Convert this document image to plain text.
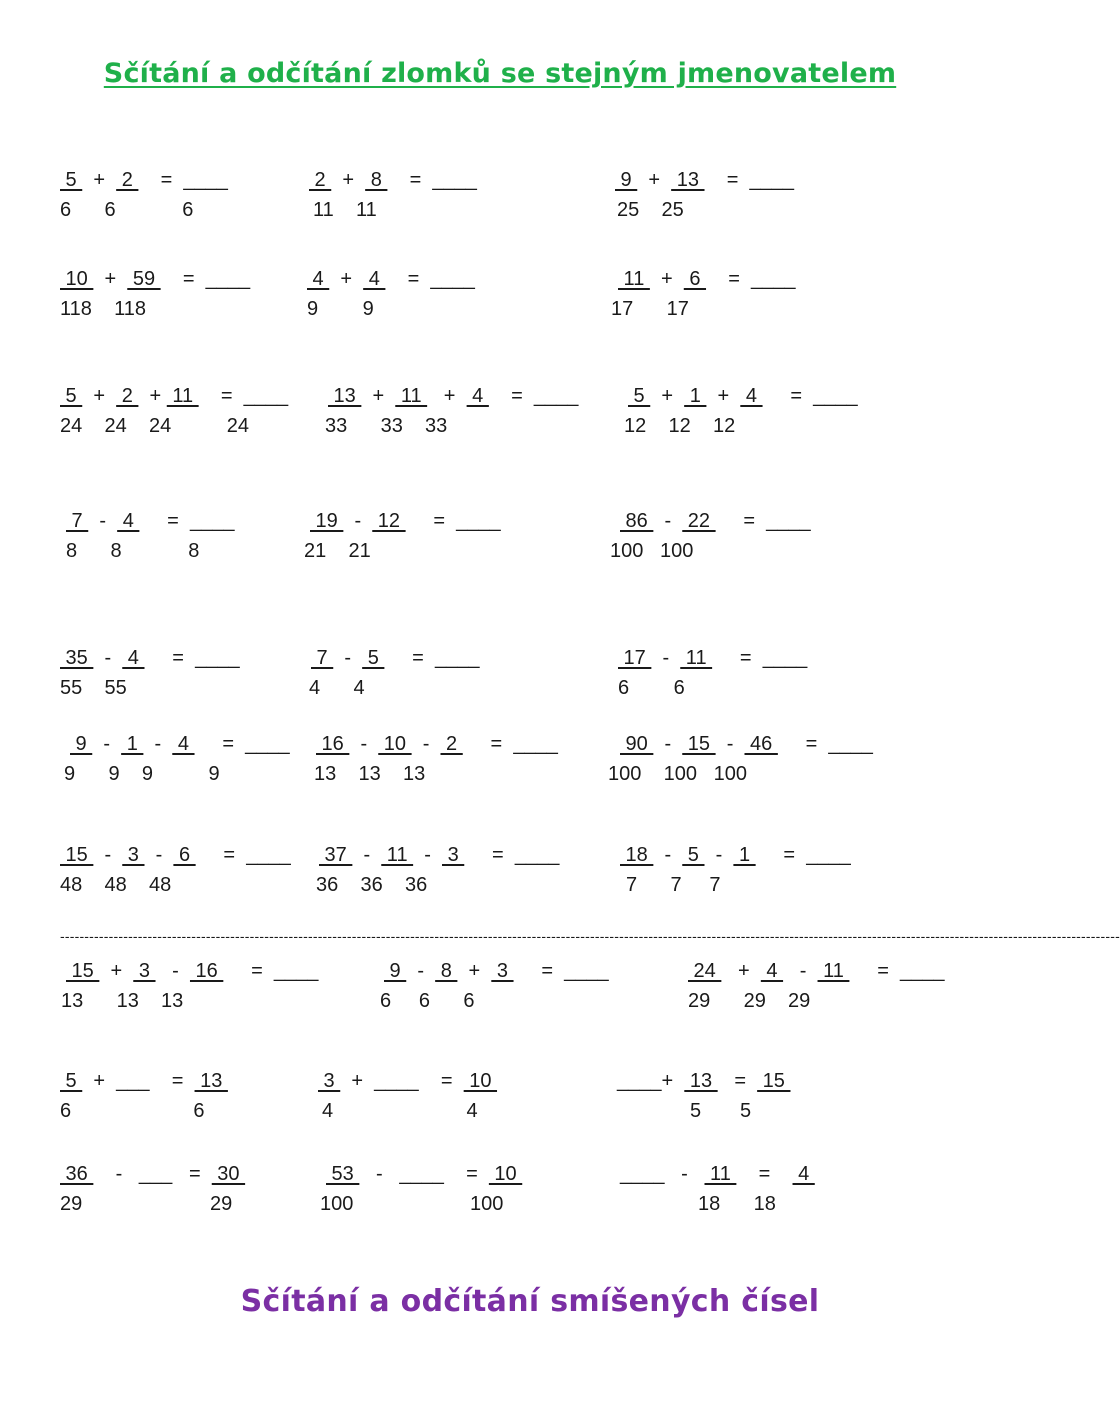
Sčítání a odčítání zlomků se stejným jmenovatelem
5   +   2     =  ____
6      6            6
2   +   8     =  ____
11    11
9   +   13     =  ____
25    25
10   +   59     =  ____
118    118
4   +   4     =  ____
9        9
11   +   6     =  ____
17      17
5   +   2   +  11     =  ____
24    24    24          24
13   +   11    +   4     =  ____
33      33    33
5   +   1   +   4      =  ____
12    12    12
7   -   4      =  ____
8      8            8
19   -   12      =  ____
21    21
86   -   22      =  ____
100   100
35   -   4      =  ____
55    55
7   -   5      =  ____
4      4
17   -   11      =  ____
6        6
9   -   1   -   4      =  ____
9      9    9          9
16   -   10   -   2      =  ____
13    13    13
90   -   15   -   46      =  ____
100    100   100
15   -   3   -   6      =  ____
48    48    48
37   -   11   -   3      =  ____
36    36    36
18   -   5   -   1      =  ____
7      7     7
--------------------------------------------------------------------------------------------------------------------------------------------------------------------------------------------------------------------------
15   +   3    -   16      =  ____
13      13    13
9   -   8   +   3      =  ____
6     6      6
24    +   4    -   11      =  ____
29      29    29
5   +  ___    =   13
6                      6
3   +  ____    =   10
4                        4
____+   13    =   15
5       5
36     -   ___   =   30
29                       29
53    -   ____    =   10
100                     100
____   -    11     =     4
18      18
Sčítání a odčítání smíšených čísel
